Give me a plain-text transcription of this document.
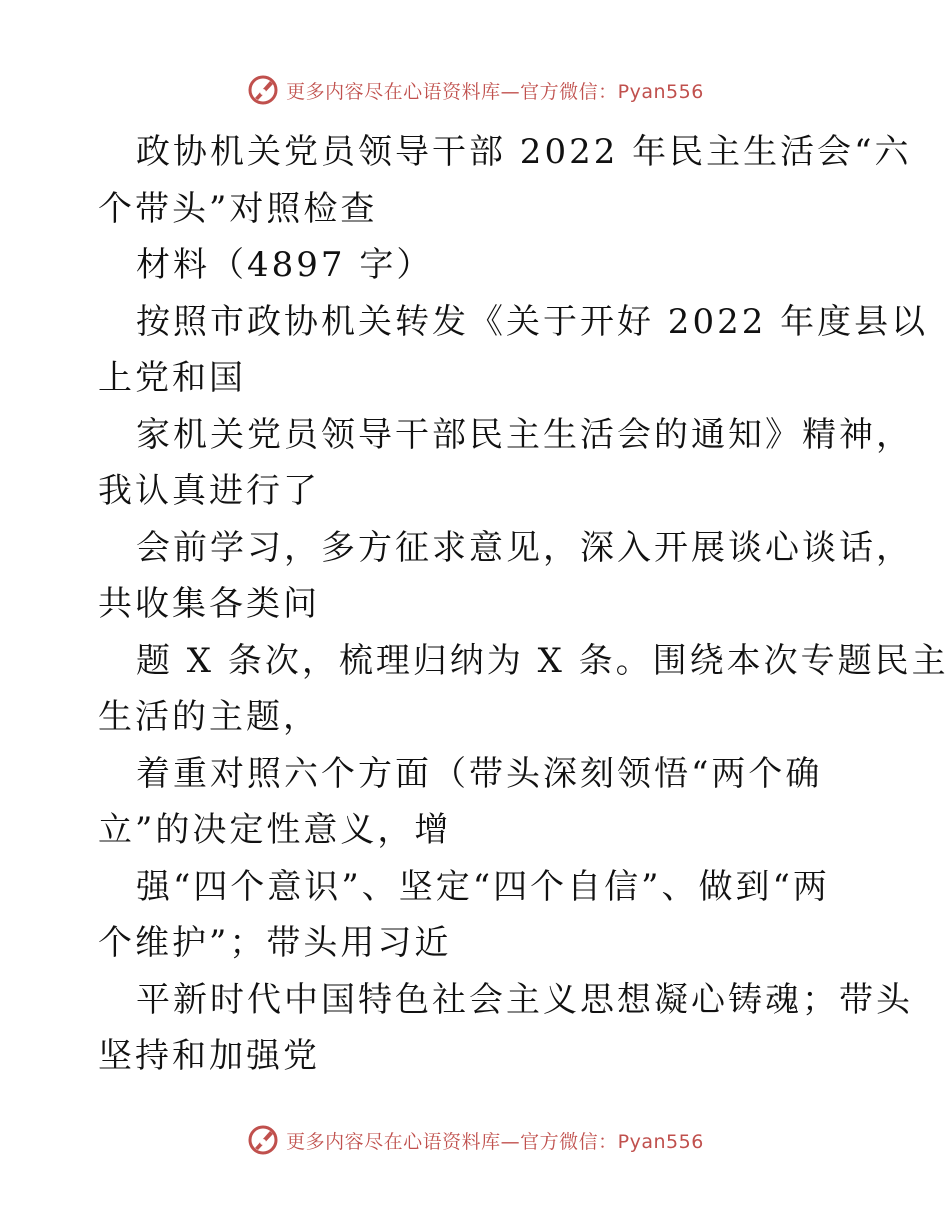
更多内容尽在心语资料库—官方微信：Pyan556
政协机关党员领导干部 2022 年民主生活会“六
个带头”对照检查
材料（4897 字）
按照市政协机关转发《关于开好 2022 年度县以
上党和国
家机关党员领导干部民主生活会的通知》精神，
我认真进行了
会前学习，多方征求意见，深入开展谈心谈话，
共收集各类问
题 X 条次，梳理归纳为 X 条。围绕本次专题民主
生活的主题，
着重对照六个方面（带头深刻领悟“两个确
立”的决定性意义，增
强“四个意识”、坚定“四个自信”、做到“两
个维护”；带头用习近
平新时代中国特色社会主义思想凝心铸魂；带头
坚持和加强党
更多内容尽在心语资料库—官方微信：Pyan556
